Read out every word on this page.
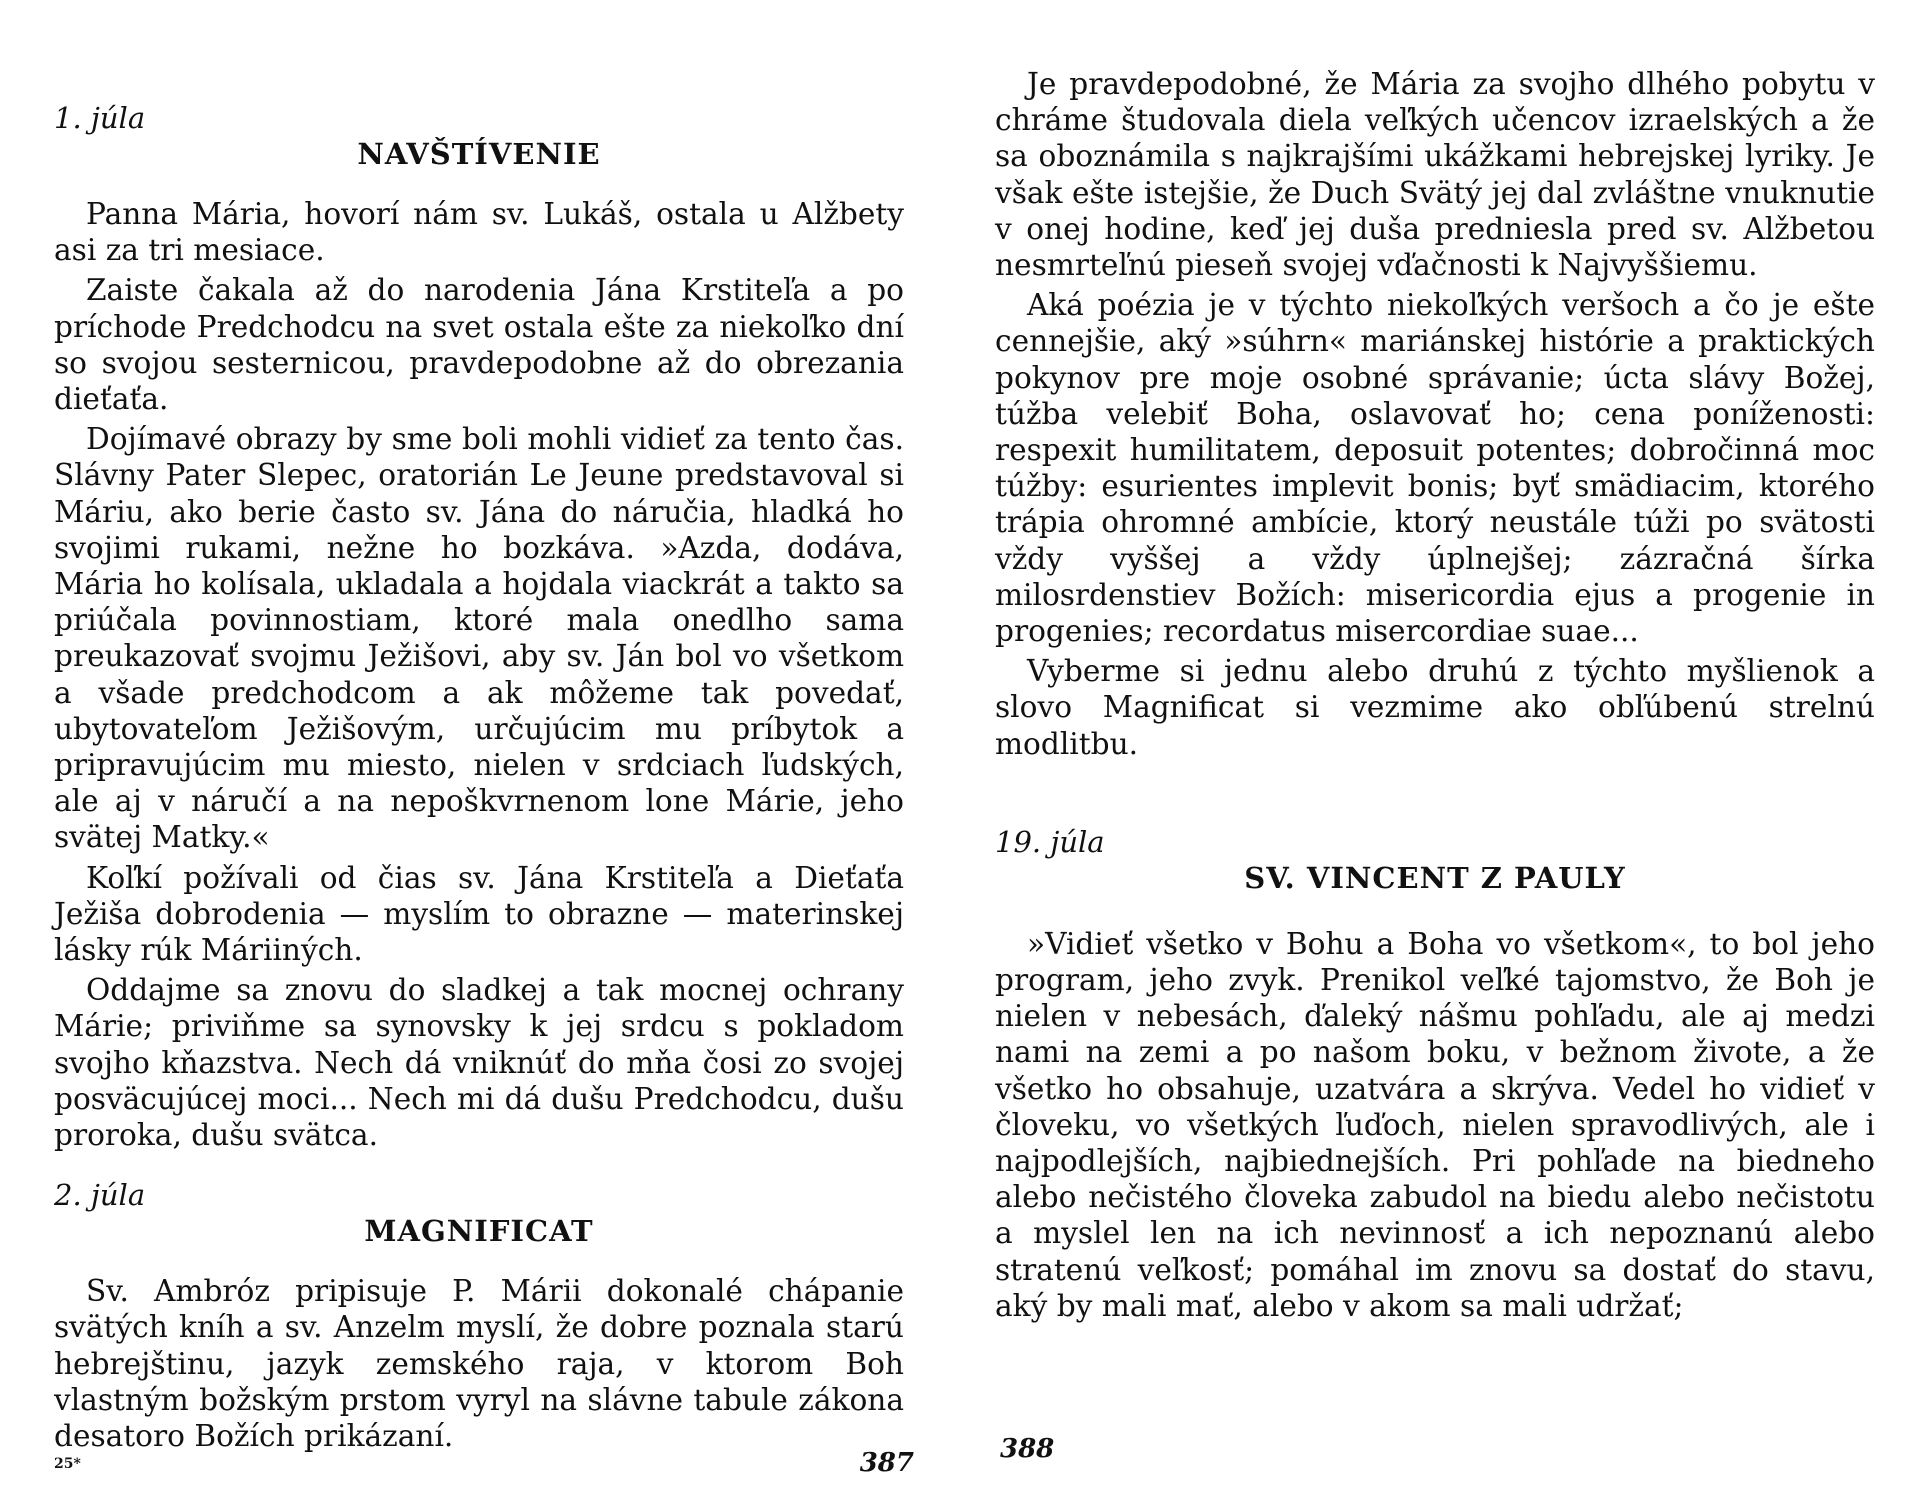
1. júla

NAVŠTÍVENIE

Panna Mária, hovorí nám sv. Lukáš, ostala u Alžbety asi za tri mesiace.

Zaiste čakala až do narodenia Jána Krstiteľa a po príchode Predchodcu na svet ostala ešte za niekoľko dní so svojou sesternicou, pravdepodobne až do obrezania dieťaťa.

Dojímavé obrazy by sme boli mohli vidieť za tento čas. Slávny Pater Slepec, oratorián Le Jeune predstavoval si Máriu, ako berie často sv. Jána do náručia, hladká ho svojimi rukami, nežne ho bozkáva. »Azda, dodáva, Mária ho kolísala, ukladala a hojdala viackrát a takto sa priúčala povinnostiam, ktoré mala onedlho sama preukazovať svojmu Ježišovi, aby sv. Ján bol vo všetkom a všade predchodcom a ak môžeme tak povedať, ubytovateľom Ježišovým, určujúcim mu príbytok a pripravujúcim mu miesto, nielen v srdciach ľudských, ale aj v náručí a na nepoškvrnenom lone Márie, jeho svätej Matky.«

Koľkí požívali od čias sv. Jána Krstiteľa a Dieťaťa Ježiša dobrodenia — myslím to obrazne — materinskej lásky rúk Máriiných.

Oddajme sa znovu do sladkej a tak mocnej ochrany Márie; priviňme sa synovsky k jej srdcu s pokladom svojho kňazstva. Nech dá vniknúť do mňa čosi zo svojej posväcujúcej moci... Nech mi dá dušu Predchodcu, dušu proroka, dušu svätca.

2. júla

MAGNIFICAT

Sv. Ambróz pripisuje P. Márii dokonalé chápanie svätých kníh a sv. Anzelm myslí, že dobre poznala starú hebrejštinu, jazyk zemského raja, v ktorom Boh vlastným božským prstom vyryl na slávne tabule zákona desatoro Božích prikázaní.

25*	387

Je pravdepodobné, že Mária za svojho dlhého pobytu v chráme študovala diela veľkých učencov izraelských a že sa oboznámila s najkrajšími ukážkami hebrejskej lyriky. Je však ešte istejšie, že Duch Svätý jej dal zvláštne vnuknutie v onej hodine, keď jej duša predniesla pred sv. Alžbetou nesmrteľnú pieseň svojej vďačnosti k Najvyššiemu.

Aká poézia je v týchto niekoľkých veršoch a čo je ešte cennejšie, aký »súhrn« mariánskej histórie a praktických pokynov pre moje osobné správanie; úcta slávy Božej, túžba velebiť Boha, oslavovať ho; cena poníženosti: respexit humilitatem, deposuit potentes; dobročinná moc túžby: esurientes implevit bonis; byť smädiacim, ktorého trápia ohromné ambície, ktorý neustále túži po svätosti vždy vyššej a vždy úplnejšej; zázračná šírka milosrdenstiev Božích: misericordia ejus a progenie in progenies; recordatus misercordiae suae...

Vyberme si jednu alebo druhú z týchto myšlienok a slovo Magnificat si vezmime ako obľúbenú strelnú modlitbu.

19. júla

SV. VINCENT Z PAULY

»Vidieť všetko v Bohu a Boha vo všetkom«, to bol jeho program, jeho zvyk. Prenikol veľké tajomstvo, že Boh je nielen v nebesách, ďaleký nášmu pohľadu, ale aj medzi nami na zemi a po našom boku, v bežnom živote, a že všetko ho obsahuje, uzatvára a skrýva. Vedel ho vidieť v človeku, vo všetkých ľuďoch, nielen spravodlivých, ale i najpodlejších, najbiednejších. Pri pohľade na biedneho alebo nečistého človeka zabudol na biedu alebo nečistotu a myslel len na ich nevinnosť a ich nepoznanú alebo stratenú veľkosť; pomáhal im znovu sa dostať do stavu, aký by mali mať, alebo v akom sa mali udržať;

388
